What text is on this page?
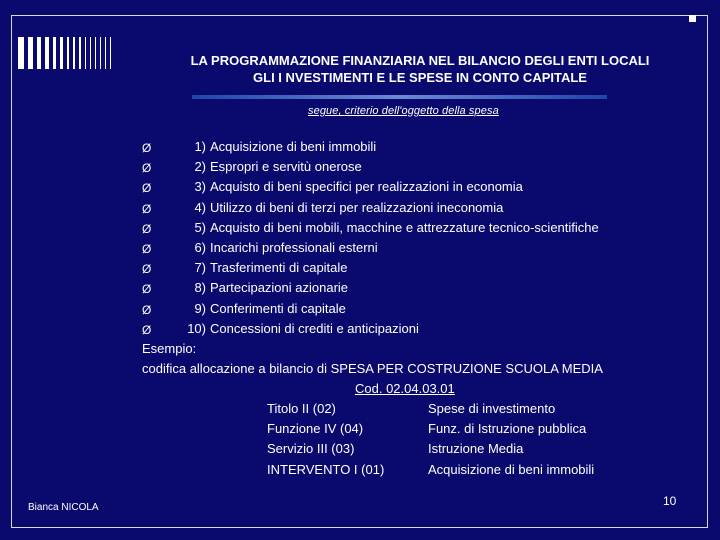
LA PROGRAMMAZIONE FINANZIARIA NEL BILANCIO DEGLI ENTI LOCALI
GLI I NVESTIMENTI E LE SPESE IN CONTO CAPITALE
segue, criterio dell'oggetto della spesa
Ø	1) Acquisizione di beni immobili
Ø	2) Espropri e servitù onerose
Ø	3) Acquisto di beni specifici per realizzazioni in economia
Ø	4) Utilizzo di beni di terzi per realizzazioni ineconomia
Ø	5) Acquisto di beni mobili, macchine e attrezzature tecnico-scientifiche
Ø	6) Incarichi professionali esterni
Ø	7) Trasferimenti di capitale
Ø	8) Partecipazioni azionarie
Ø	9) Conferimenti di capitale
Ø	10) Concessioni di crediti e anticipazioni
Esempio:
codifica allocazione a bilancio di SPESA PER COSTRUZIONE SCUOLA MEDIA
Cod. 02.04.03.01
Titolo II (02)	Spese di investimento
Funzione IV (04)	Funz. di Istruzione pubblica
Servizio III (03)	Istruzione Media
INTERVENTO I (01)	Acquisizione di beni immobili
Bianca NICOLA	10
